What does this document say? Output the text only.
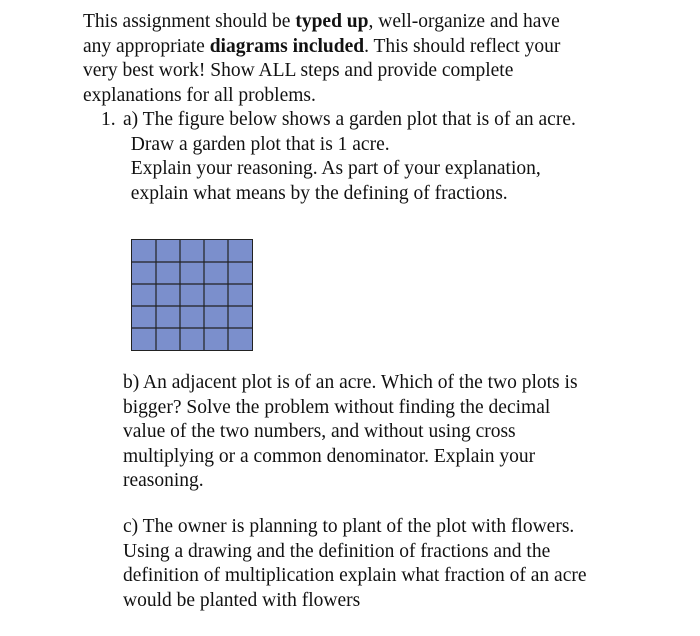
This assignment should be typed up, well-organize and have
any appropriate diagrams included. This should reflect your
very best work! Show ALL steps and provide complete
explanations for all problems.
1. a) The figure below shows a garden plot that is of an acre.
Draw a garden plot that is 1 acre.
Explain your reasoning. As part of your explanation,
explain what means by the defining of fractions.
b) An adjacent plot is of an acre. Which of the two plots is
bigger? Solve the problem without finding the decimal
value of the two numbers, and without using cross
multiplying or a common denominator. Explain your
reasoning.
c) The owner is planning to plant of the plot with flowers.
Using a drawing and the definition of fractions and the
definition of multiplication explain what fraction of an acre
would be planted with flowers
